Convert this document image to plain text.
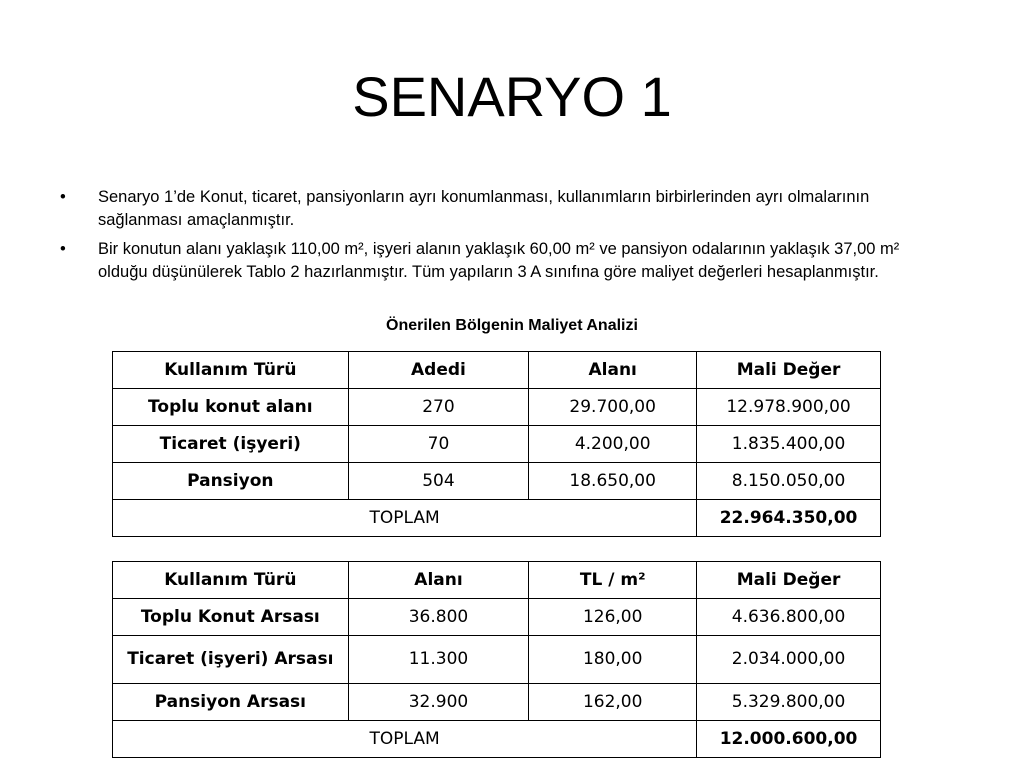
SENARYO 1
•	Senaryo 1’de Konut, ticaret, pansiyonların ayrı konumlanması, kullanımların birbirlerinden ayrı olmalarının sağlanması amaçlanmıştır.
•	Bir konutun alanı yaklaşık 110,00 m², işyeri alanın yaklaşık 60,00 m² ve pansiyon odalarının yaklaşık 37,00 m² olduğu düşünülerek Tablo 2 hazırlanmıştır. Tüm yapıların 3 A sınıfına göre maliyet değerleri hesaplanmıştır.
Önerilen Bölgenin Maliyet Analizi
Kullanım Türü	Adedi	Alanı	Mali Değer
Toplu konut alanı	270	29.700,00	12.978.900,00
Ticaret (işyeri)	70	4.200,00	1.835.400,00
Pansiyon	504	18.650,00	8.150.050,00
TOPLAM			22.964.350,00
Kullanım Türü	Alanı	TL / m²	Mali Değer
Toplu Konut Arsası	36.800	126,00	4.636.800,00
Ticaret (işyeri) Arsası	11.300	180,00	2.034.000,00
Pansiyon Arsası	32.900	162,00	5.329.800,00
TOPLAM			12.000.600,00
